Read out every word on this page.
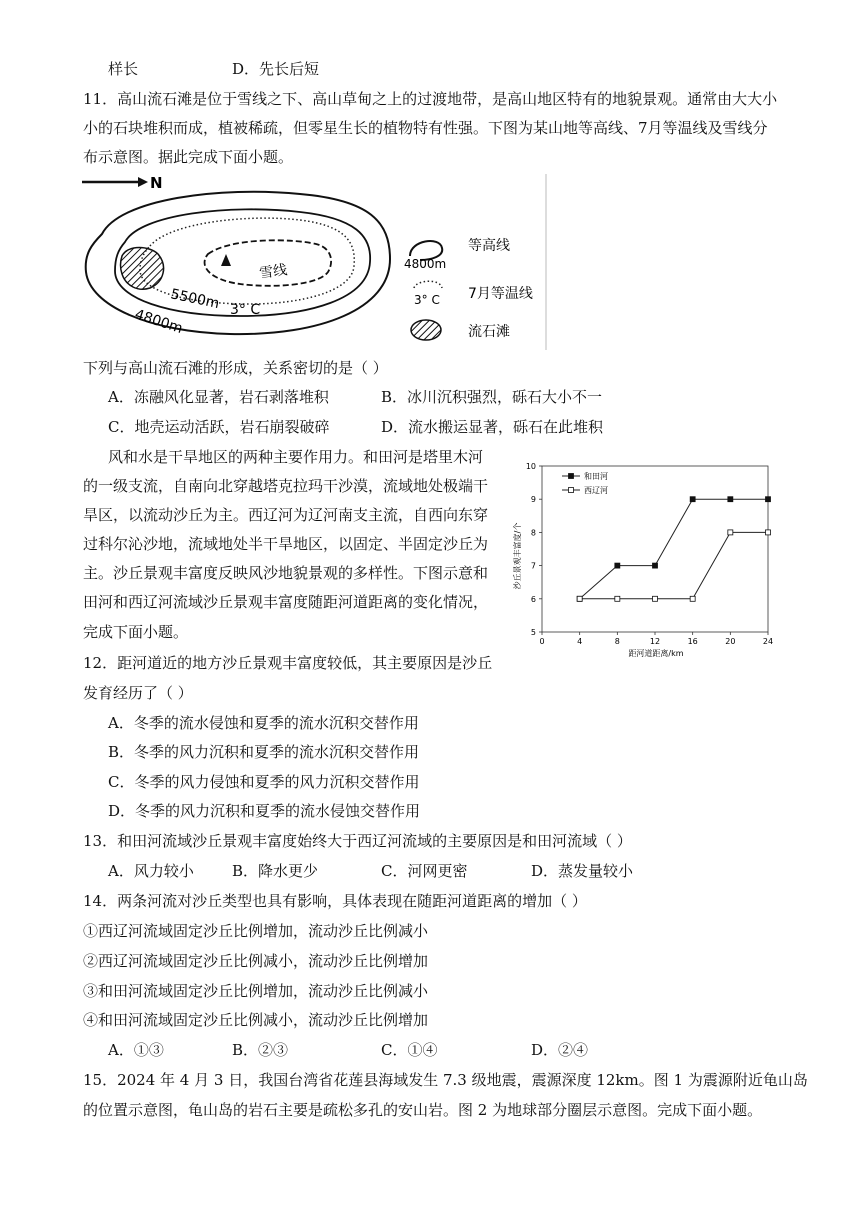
样长	D．先长后短
11．高山流石滩是位于雪线之下、高山草甸之上的过渡地带，是高山地区特有的地貌景观。通常由大大小
小的石块堆积而成，植被稀疏，但零星生长的植物特有性强。下图为某山地等高线、7月等温线及雪线分
布示意图。据此完成下面小题。
N
雪线
5500m
4800m	3° C
4800m
等高线
3° C 7月等温线
流石滩
下列与高山流石滩的形成，关系密切的是（ ）
A．冻融风化显著，岩石剥落堆积	B．冰川沉积强烈，砾石大小不一
C．地壳运动活跃，岩石崩裂破碎	D．流水搬运显著，砾石在此堆积
风和水是干旱地区的两种主要作用力。和田河是塔里木河
的一级支流，自南向北穿越塔克拉玛干沙漠，流域地处极端干
旱区，以流动沙丘为主。西辽河为辽河南支主流，自西向东穿
过科尔沁沙地，流域地处半干旱地区，以固定、半固定沙丘为
主。沙丘景观丰富度反映风沙地貌景观的多样性。下图示意和
田河和西辽河流域沙丘景观丰富度随距河道距离的变化情况，
完成下面小题。
沙丘景观丰富度/个
距河道距离/km
5
6
7
8
9
10
0	4	8	12	16	20	24
和田河
西辽河
12．距河道近的地方沙丘景观丰富度较低，其主要原因是沙丘
发育经历了（ ）
A．冬季的流水侵蚀和夏季的流水沉积交替作用
B．冬季的风力沉积和夏季的流水沉积交替作用
C．冬季的风力侵蚀和夏季的风力沉积交替作用
D．冬季的风力沉积和夏季的流水侵蚀交替作用
13．和田河流域沙丘景观丰富度始终大于西辽河流域的主要原因是和田河流域（ ）
A．风力较小	B．降水更少	C．河网更密	D．蒸发量较小
14．两条河流对沙丘类型也具有影响，具体表现在随距河道距离的增加（ ）
①西辽河流域固定沙丘比例增加，流动沙丘比例减小
②西辽河流域固定沙丘比例减小，流动沙丘比例增加
③和田河流域固定沙丘比例增加，流动沙丘比例减小
④和田河流域固定沙丘比例减小，流动沙丘比例增加
A．①③	B．②③	C．①④	D．②④
15．2024 年 4 月 3 日，我国台湾省花莲县海域发生 7.3 级地震，震源深度 12km。图 1 为震源附近龟山岛
的位置示意图，龟山岛的岩石主要是疏松多孔的安山岩。图 2 为地球部分圈层示意图。完成下面小题。
